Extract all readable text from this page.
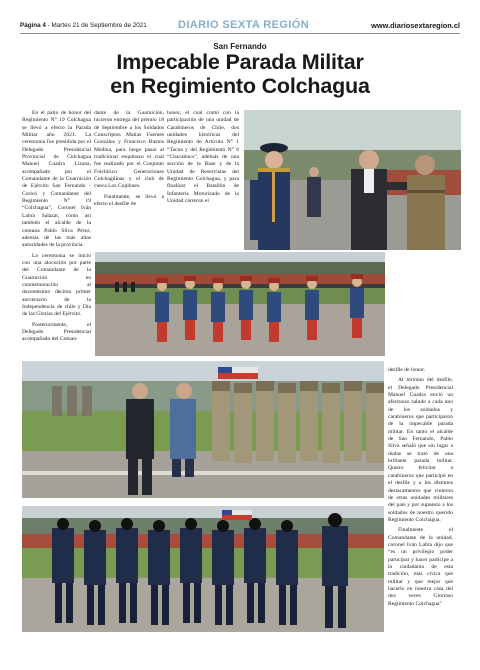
Página 4 - Martes 21 de Septiembre de 2021	DIARIO SEXTA REGIÓN	www.diariosextaregion.cl
San Fernando
Impecable Parada Militar
en Regimiento Colchagua

En el patio de honor del Regimiento N° 19 Colchagua se llevó a efecto la Parada Militar año 2021. La ceremonia fue presidida por el Delegado Presidencial Provincial de Colchagua Manuel Cuadra Lizana, acompañado por el Comandante de la Guarnición de Ejército San Fernando - Curicó y Comandante del Regimiento N° 19 “Colchagua”, Coronel Iván Labra Salazar, como así también el alcalde de la comuna Pablo Silva Pérez, además de las más altas autoridades de la provincia.

La ceremonia se inició con una alocución por parte del Comandante de la Guarnición en conmemoración al ducentésimo décimo primer aniversario de la Independencia de chile y Día de las Glorias del Ejército.

Posteriormente, el Delegado Presidencial acompañado del Coman-

dante de la Guarnición, hicieron entrega del premio 18 de Septiembre a los Soldados Conscriptos Matías Fuentes González y Francisco Bustos Medina, para luego pasar al tradicional esquinazo el cual fue realizado por el Conjunto Folclórico Generaciones Colchagüinas y el club de cueca Los Copihues.

Finalmente, se llevó a efecto el desfile de

honor, el cual contó con la participación de una unidad de Carabineros de Chile, dos unidades históricas del Regimiento de Artículo N° 1 “Tacna y del Regimiento N° 6 “Chacabuco”, además de una sección de la Base y de la Unidad de Reservistas del Regimiento Colchagua, y para finalizar el Batallón de Infantería Motorizado de la Unidad carrerun el

desfile de honor.

Al término del desfile, el Delegado Presidencial Manuel Cuadra envió un afectuoso saludo a cada uno de los soldados y carabineros que participaron de la impecable parada militar. En tanto el alcalde de San Fernando, Pablo Silva señaló que sin lugar a dudas se trató de una brillante parada militar. Quiero felicitar a carabineros que participó en el desfile y a los distintos destacamentos que vinieron de otras unidades militares del país y por supuesto a los soldados de nuestro querido Regimiento Colchagua.

Finalmente el Comandante de la unidad, coronel Iván Labra dijo que “es un privilegio poder participar y hacer partícipe a la ciudadanía de esta tradición, más cívica que militar y que mejor que hacerlo en nuestra casa del dos veces Glorioso Regimiento Colchagua”
